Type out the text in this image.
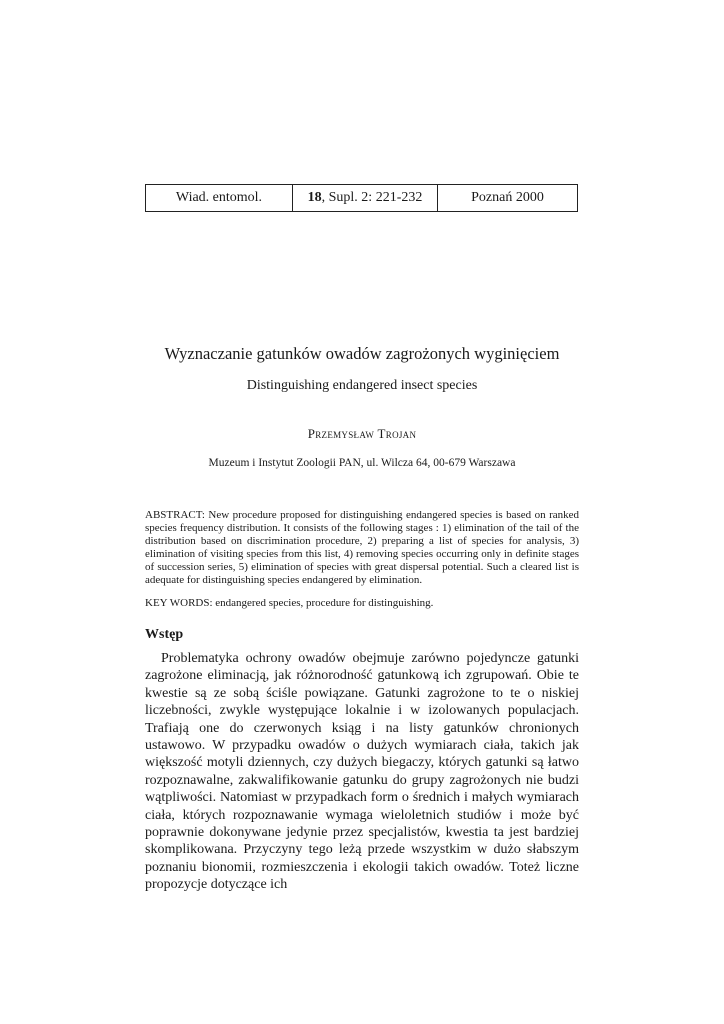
Wiad. entomol.	18 , Supl. 2: 221-232	Poznań 2000
Wyznaczanie gatunków owadów zagrożonych wyginięciem
Distinguishing endangered insect species
Przemysław Trojan
Muzeum i Instytut Zoologii PAN, ul. Wilcza 64, 00-679 Warszawa

ABSTRACT: New procedure proposed for distinguishing endangered species is based on ranked species frequency distribution. It consists of the following stages : 1) elimination of the tail of the distribution based on discrimination procedure, 2) preparing a list of species for analysis, 3) elimination of visiting species from this list, 4) removing species occurring only in definite stages of succession series, 5) elimination of species with great dispersal potential. Such a cleared list is adequate for distinguishing species endangered by elimination.

KEY WORDS: endangered species, procedure for distinguishing.

Wstęp

Problematyka ochrony owadów obejmuje zarówno pojedyncze gatunki zagrożone eliminacją, jak różnorodność gatunkową ich zgrupowań. Obie te kwestie są ze sobą ściśle powiązane. Gatunki zagrożone to te o niskiej liczebności, zwykle występujące lokalnie i w izolowanych populacjach. Trafiają one do czerwonych ksiąg i na listy gatunków chronionych ustawowo. W przypadku owadów o dużych wymiarach ciała, takich jak większość motyli dziennych, czy dużych biegaczy, których gatunki są łatwo rozpoznawalne, zakwalifikowanie gatunku do grupy zagrożonych nie budzi wątpliwości. Natomiast w przypadkach form o średnich i małych wymiarach ciała, których rozpoznawanie wymaga wieloletnich studiów i może być poprawnie dokonywane jedynie przez specjalistów, kwestia ta jest bardziej skomplikowana. Przyczyny tego leżą przede wszystkim w dużo słabszym poznaniu bionomii, rozmieszczenia i ekologii takich owadów. Toteż liczne propozycje dotyczące ich
